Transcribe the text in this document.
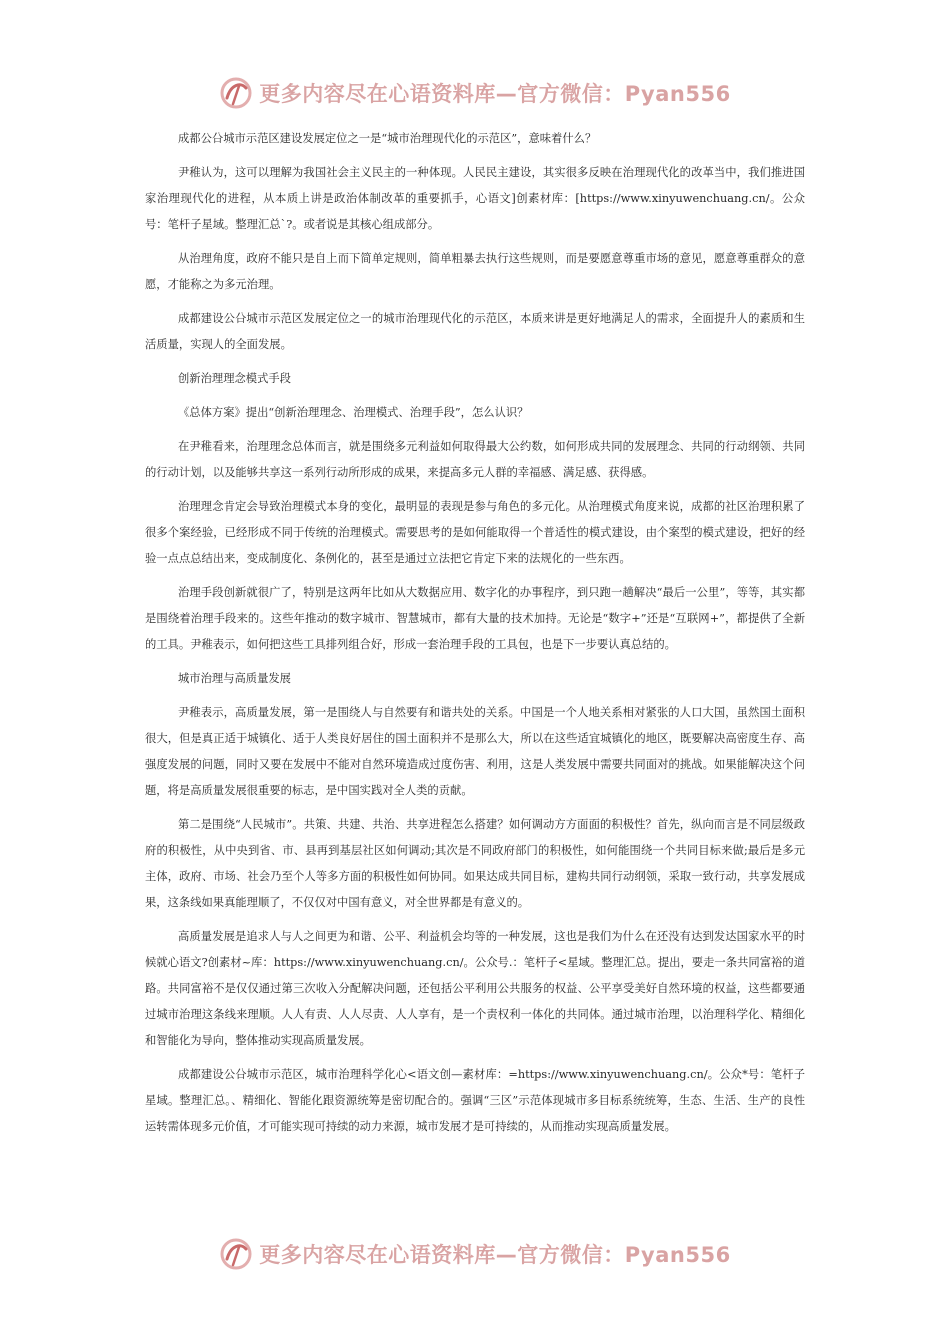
更多内容尽在心语资料库—官方微信：Pyan556

成都公㕣城市示范区建设发展定位之一是“城市治理现代化的示范区”，意味着什么？

尹稚认为，这可以理解为我国社会主义民主的一种体现。人民民主建设，其实很多反映在治理现代化的改革当中，我们推进国家治理现代化的进程，从本质上讲是政治体制改革的重要抓手，心语文]创素材库：[https://www.xinyuwenchuang.cn/。公众号：笔杆子星域。整理汇总`?。或者说是其核心组成部分。

从治理角度，政府不能只是自上而下简单定规则，简单粗暴去执行这些规则，而是要愿意尊重市场的意见，愿意尊重群众的意愿，才能称之为多元治理。

成都建设公㕣城市示范区发展定位之一的城市治理现代化的示范区，本质来讲是更好地满足人的需求，全面提升人的素质和生活质量，实现人的全面发展。

创新治理理念模式手段

《总体方案》提出“创新治理理念、治理模式、治理手段”，怎么认识？

在尹稚看来，治理理念总体而言，就是围绕多元利益如何取得最大公约数，如何形成共同的发展理念、共同的行动纲领、共同的行动计划，以及能够共享这一系列行动所形成的成果，来提高多元人群的幸福感、满足感、获得感。

治理理念肯定会导致治理模式本身的变化，最明显的表现是参与角色的多元化。从治理模式角度来说，成都的社区治理积累了很多个案经验，已经形成不同于传统的治理模式。需要思考的是如何能取得一个普适性的模式建设，由个案型的模式建设，把好的经验一点点总结出来，变成制度化、条例化的，甚至是通过立法把它肯定下来的法规化的一些东西。

治理手段创新就很广了，特别是这两年比如从大数据应用、数字化的办事程序，到只跑一趟解决“最后一公里”，等等，其实都是围绕着治理手段来的。这些年推动的数字城市、智慧城市，都有大量的技术加持。无论是“数字+”还是“互联网+”，都提供了全新的工具。尹稚表示，如何把这些工具排列组合好，形成一套治理手段的工具包，也是下一步要认真总结的。

城市治理与高质量发展

尹稚表示，高质量发展，第一是围绕人与自然要有和谐共处的关系。中国是一个人地关系相对紧张的人口大国，虽然国土面积很大，但是真正适于城镇化、适于人类良好居住的国土面积并不是那么大，所以在这些适宜城镇化的地区，既要解决高密度生存、高强度发展的问题，同时又要在发展中不能对自然环境造成过度伤害、利用，这是人类发展中需要共同面对的挑战。如果能解决这个问题，将是高质量发展很重要的标志，是中国实践对全人类的贡献。

第二是围绕“人民城市”。共策、共建、共治、共享进程怎么搭建？如何调动方方面面的积极性？首先，纵向而言是不同层级政府的积极性，从中央到省、市、县再到基层社区如何调动;其次是不同政府部门的积极性，如何能围绕一个共同目标来做;最后是多元主体，政府、市场、社会乃至个人等多方面的积极性如何协同。如果达成共同目标，建构共同行动纲领，采取一致行动，共享发展成果，这条线如果真能理顺了，不仅仅对中国有意义，对全世界都是有意义的。

高质量发展是追求人与人之间更为和谐、公平、利益机会均等的一种发展，这也是我们为什么在还没有达到发达国家水平的时候就心语文?创素材~库：https://www.xinyuwenchuang.cn/。公众号.：笔杆子<星域。整理汇总。提出，要走一条共同富裕的道路。共同富裕不是仅仅通过第三次收入分配解决问题，还包括公平利用公共服务的权益、公平享受美好自然环境的权益，这些都要通过城市治理这条线来理顺。人人有责、人人尽责、人人享有，是一个责权利一体化的共同体。通过城市治理，以治理科学化、精细化和智能化为导向，整体推动实现高质量发展。

成都建设公㕣城市示范区，城市治理科学化心<语文创—素材库：=https://www.xinyuwenchuang.cn/。公众*号：笔杆子星域。整理汇总。、精细化、智能化跟资源统筹是密切配合的。强调“三区”示范体现城市多目标系统统筹，生态、生活、生产的良性运转需体现多元价值，才可能实现可持续的动力来源，城市发展才是可持续的，从而推动实现高质量发展。

更多内容尽在心语资料库—官方微信：Pyan556
